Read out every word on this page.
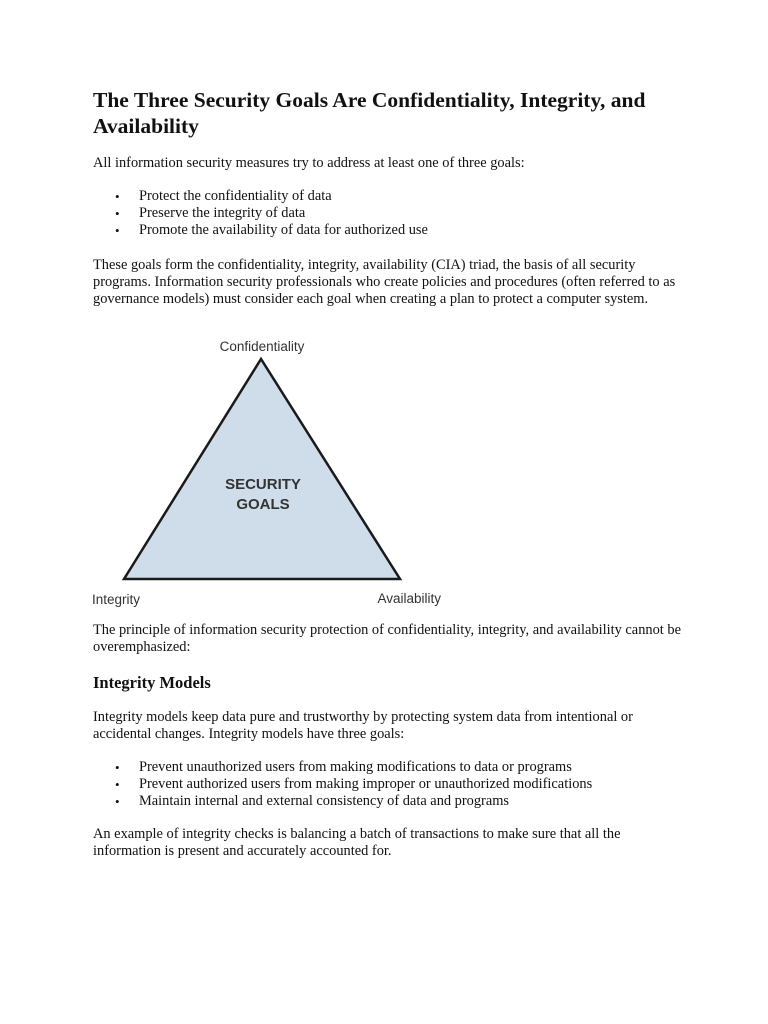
The Three Security Goals Are Confidentiality, Integrity, and Availability

All information security measures try to address at least one of three goals:

• Protect the confidentiality of data
• Preserve the integrity of data
• Promote the availability of data for authorized use

These goals form the confidentiality, integrity, availability (CIA) triad, the basis of all security programs. Information security professionals who create policies and procedures (often referred to as governance models) must consider each goal when creating a plan to protect a computer system.

The principle of information security protection of confidentiality, integrity, and availability cannot be overemphasized:

Integrity Models

Integrity models keep data pure and trustworthy by protecting system data from intentional or accidental changes. Integrity models have three goals:

• Prevent unauthorized users from making modifications to data or programs
• Prevent authorized users from making improper or unauthorized modifications
• Maintain internal and external consistency of data and programs

An example of integrity checks is balancing a batch of transactions to make sure that all the information is present and accurately accounted for.

Confidentiality
SECURITY
GOALS
Integrity	Availability
